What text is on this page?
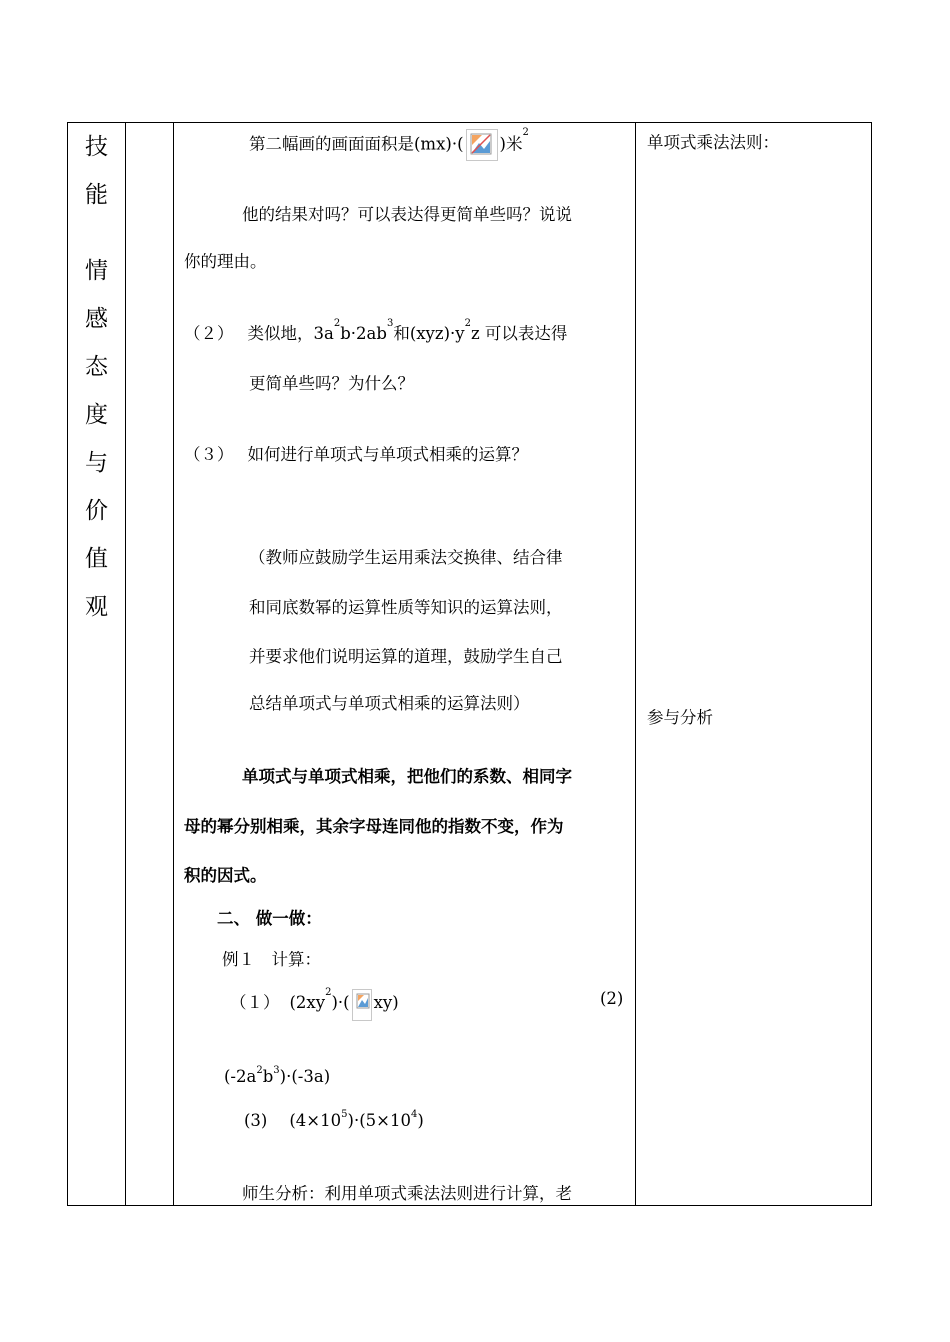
技
能
情
感
态
度
与
价
值
观
第二幅画的画面面积是(mx)·( )米$^2$
他的结果对吗？可以表达得更简单些吗？说说
你的理由。
（２） 类似地，$3a^2b\cdot 2ab^3$和$(xyz)\cdot y^2z$ 可以表达得
更简单些吗？为什么？
（３） 如何进行单项式与单项式相乘的运算？
（教师应鼓励学生运用乘法交换律、结合律
和同底数幂的运算性质等知识的运算法则，
并要求他们说明运算的道理，鼓励学生自己
总结单项式与单项式相乘的运算法则）
单项式与单项式相乘，把他们的系数、相同字
母的幂分别相乘，其余字母连同他的指数不变，作为
积的因式。
二、 做一做：
例１　计算：
（１） $(2xy^2)\cdot$( xy)	(2)
$(-2a^2b^3)\cdot(-3a)$
(3) $(4\times 10^5)\cdot(5\times 10^4)$
师生分析：利用单项式乘法法则进行计算，老
单项式乘法法则：
参与分析
